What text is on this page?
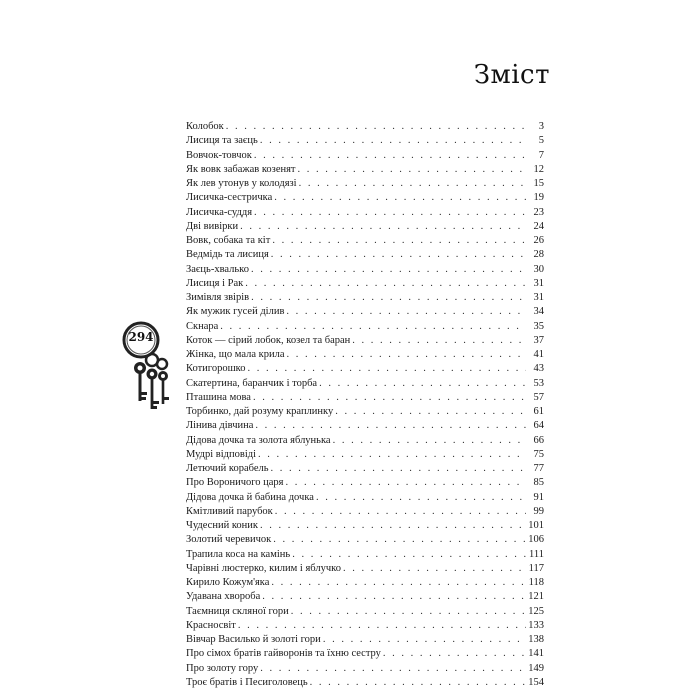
Зміст
294
Колобок . . .	3
Лисиця та заєць . . .	5
Вовчок-товчок . . .	7
Як вовк забажав козенят . . .	12
Як лев утонув у колодязі . . .	15
Лисичка-сестричка . . .	19
Лисичка-суддя . . .	23
Дві вивірки . . .	24
Вовк, собака та кіт . . .	26
Ведмідь та лисиця . . .	28
Заєць-хвалько . . .	30
Лисиця і Рак . . .	31
Зимівля звірів . . .	31
Як мужик гусей ділив . . .	34
Скнара . . .	35
Коток — сірий лобок, козел та баран . . .	37
Жінка, що мала крила . . .	41
Котигорошко . . .	43
Скатертина, баранчик і торба . . .	53
Пташина мова . . .	57
Торбинко, дай розуму краплинку . . .	61
Лінива дівчина . . .	64
Дідова дочка та золота яблунька . . .	66
Мудрі відповіді . . .	75
Летючий корабель . . .	77
Про Вороничого царя . . .	85
Дідова дочка й бабина дочка . . .	91
Кмітливий парубок . . .	99
Чудесний коник . . .	101
Золотий черевичок . . .	106
Трапила коса на камінь . . .	111
Чарівні люстерко, килим і яблучко . . .	117
Кирило Кожум'яка . . .	118
Удавана хвороба . . .	121
Таємниця скляної гори . . .	125
Красносвіт . . .	133
Вівчар Василько й золоті гори . . .	138
Про сімох братів гайворонів та їхню сестру . . .	141
Про золоту гору . . .	149
Троє братів і Песиголовець . . .	154
